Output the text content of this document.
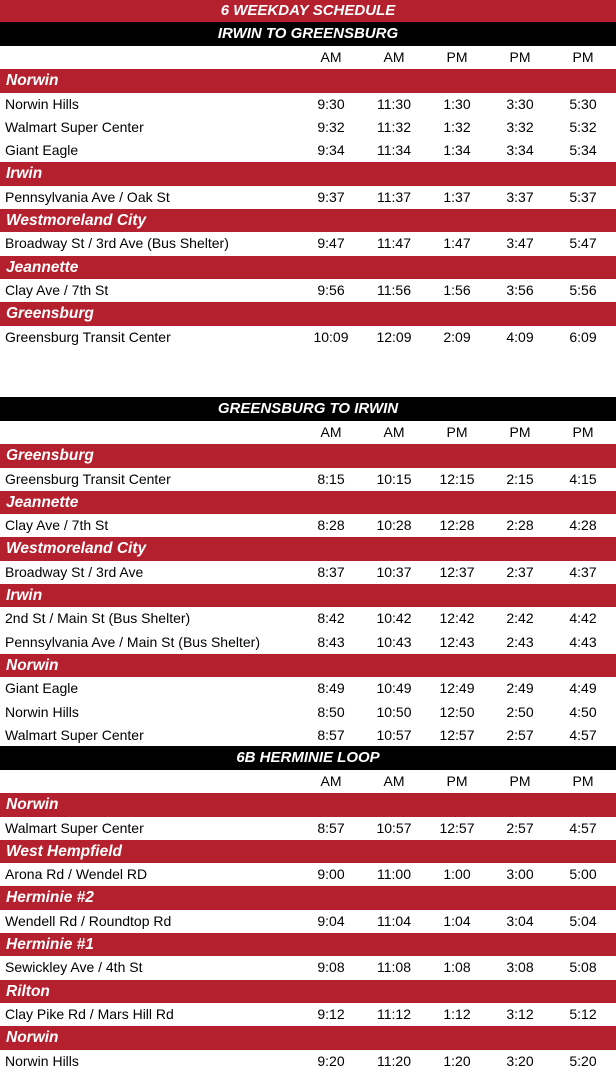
6 WEEKDAY SCHEDULE
IRWIN TO GREENSBURG
AM	AM	PM	PM	PM
Norwin
Norwin Hills	9:30	11:30	1:30	3:30	5:30
Walmart Super Center	9:32	11:32	1:32	3:32	5:32
Giant Eagle	9:34	11:34	1:34	3:34	5:34
Irwin
Pennsylvania Ave / Oak St	9:37	11:37	1:37	3:37	5:37
Westmoreland City
Broadway St / 3rd Ave (Bus Shelter)	9:47	11:47	1:47	3:47	5:47
Jeannette
Clay Ave / 7th St	9:56	11:56	1:56	3:56	5:56
Greensburg
Greensburg Transit Center	10:09	12:09	2:09	4:09	6:09
GREENSBURG TO IRWIN
AM	AM	PM	PM	PM
Greensburg
Greensburg Transit Center	8:15	10:15	12:15	2:15	4:15
Jeannette
Clay Ave / 7th St	8:28	10:28	12:28	2:28	4:28
Westmoreland City
Broadway St / 3rd Ave	8:37	10:37	12:37	2:37	4:37
Irwin
2nd St / Main St (Bus Shelter)	8:42	10:42	12:42	2:42	4:42
Pennsylvania Ave / Main St (Bus Shelter)	8:43	10:43	12:43	2:43	4:43
Norwin
Giant Eagle	8:49	10:49	12:49	2:49	4:49
Norwin Hills	8:50	10:50	12:50	2:50	4:50
Walmart Super Center	8:57	10:57	12:57	2:57	4:57
6B HERMINIE LOOP
AM	AM	PM	PM	PM
Norwin
Walmart Super Center	8:57	10:57	12:57	2:57	4:57
West Hempfield
Arona Rd / Wendel RD	9:00	11:00	1:00	3:00	5:00
Herminie #2
Wendell Rd / Roundtop Rd	9:04	11:04	1:04	3:04	5:04
Herminie #1
Sewickley Ave / 4th St	9:08	11:08	1:08	3:08	5:08
Rilton
Clay Pike Rd / Mars Hill Rd	9:12	11:12	1:12	3:12	5:12
Norwin
Norwin Hills	9:20	11:20	1:20	3:20	5:20
